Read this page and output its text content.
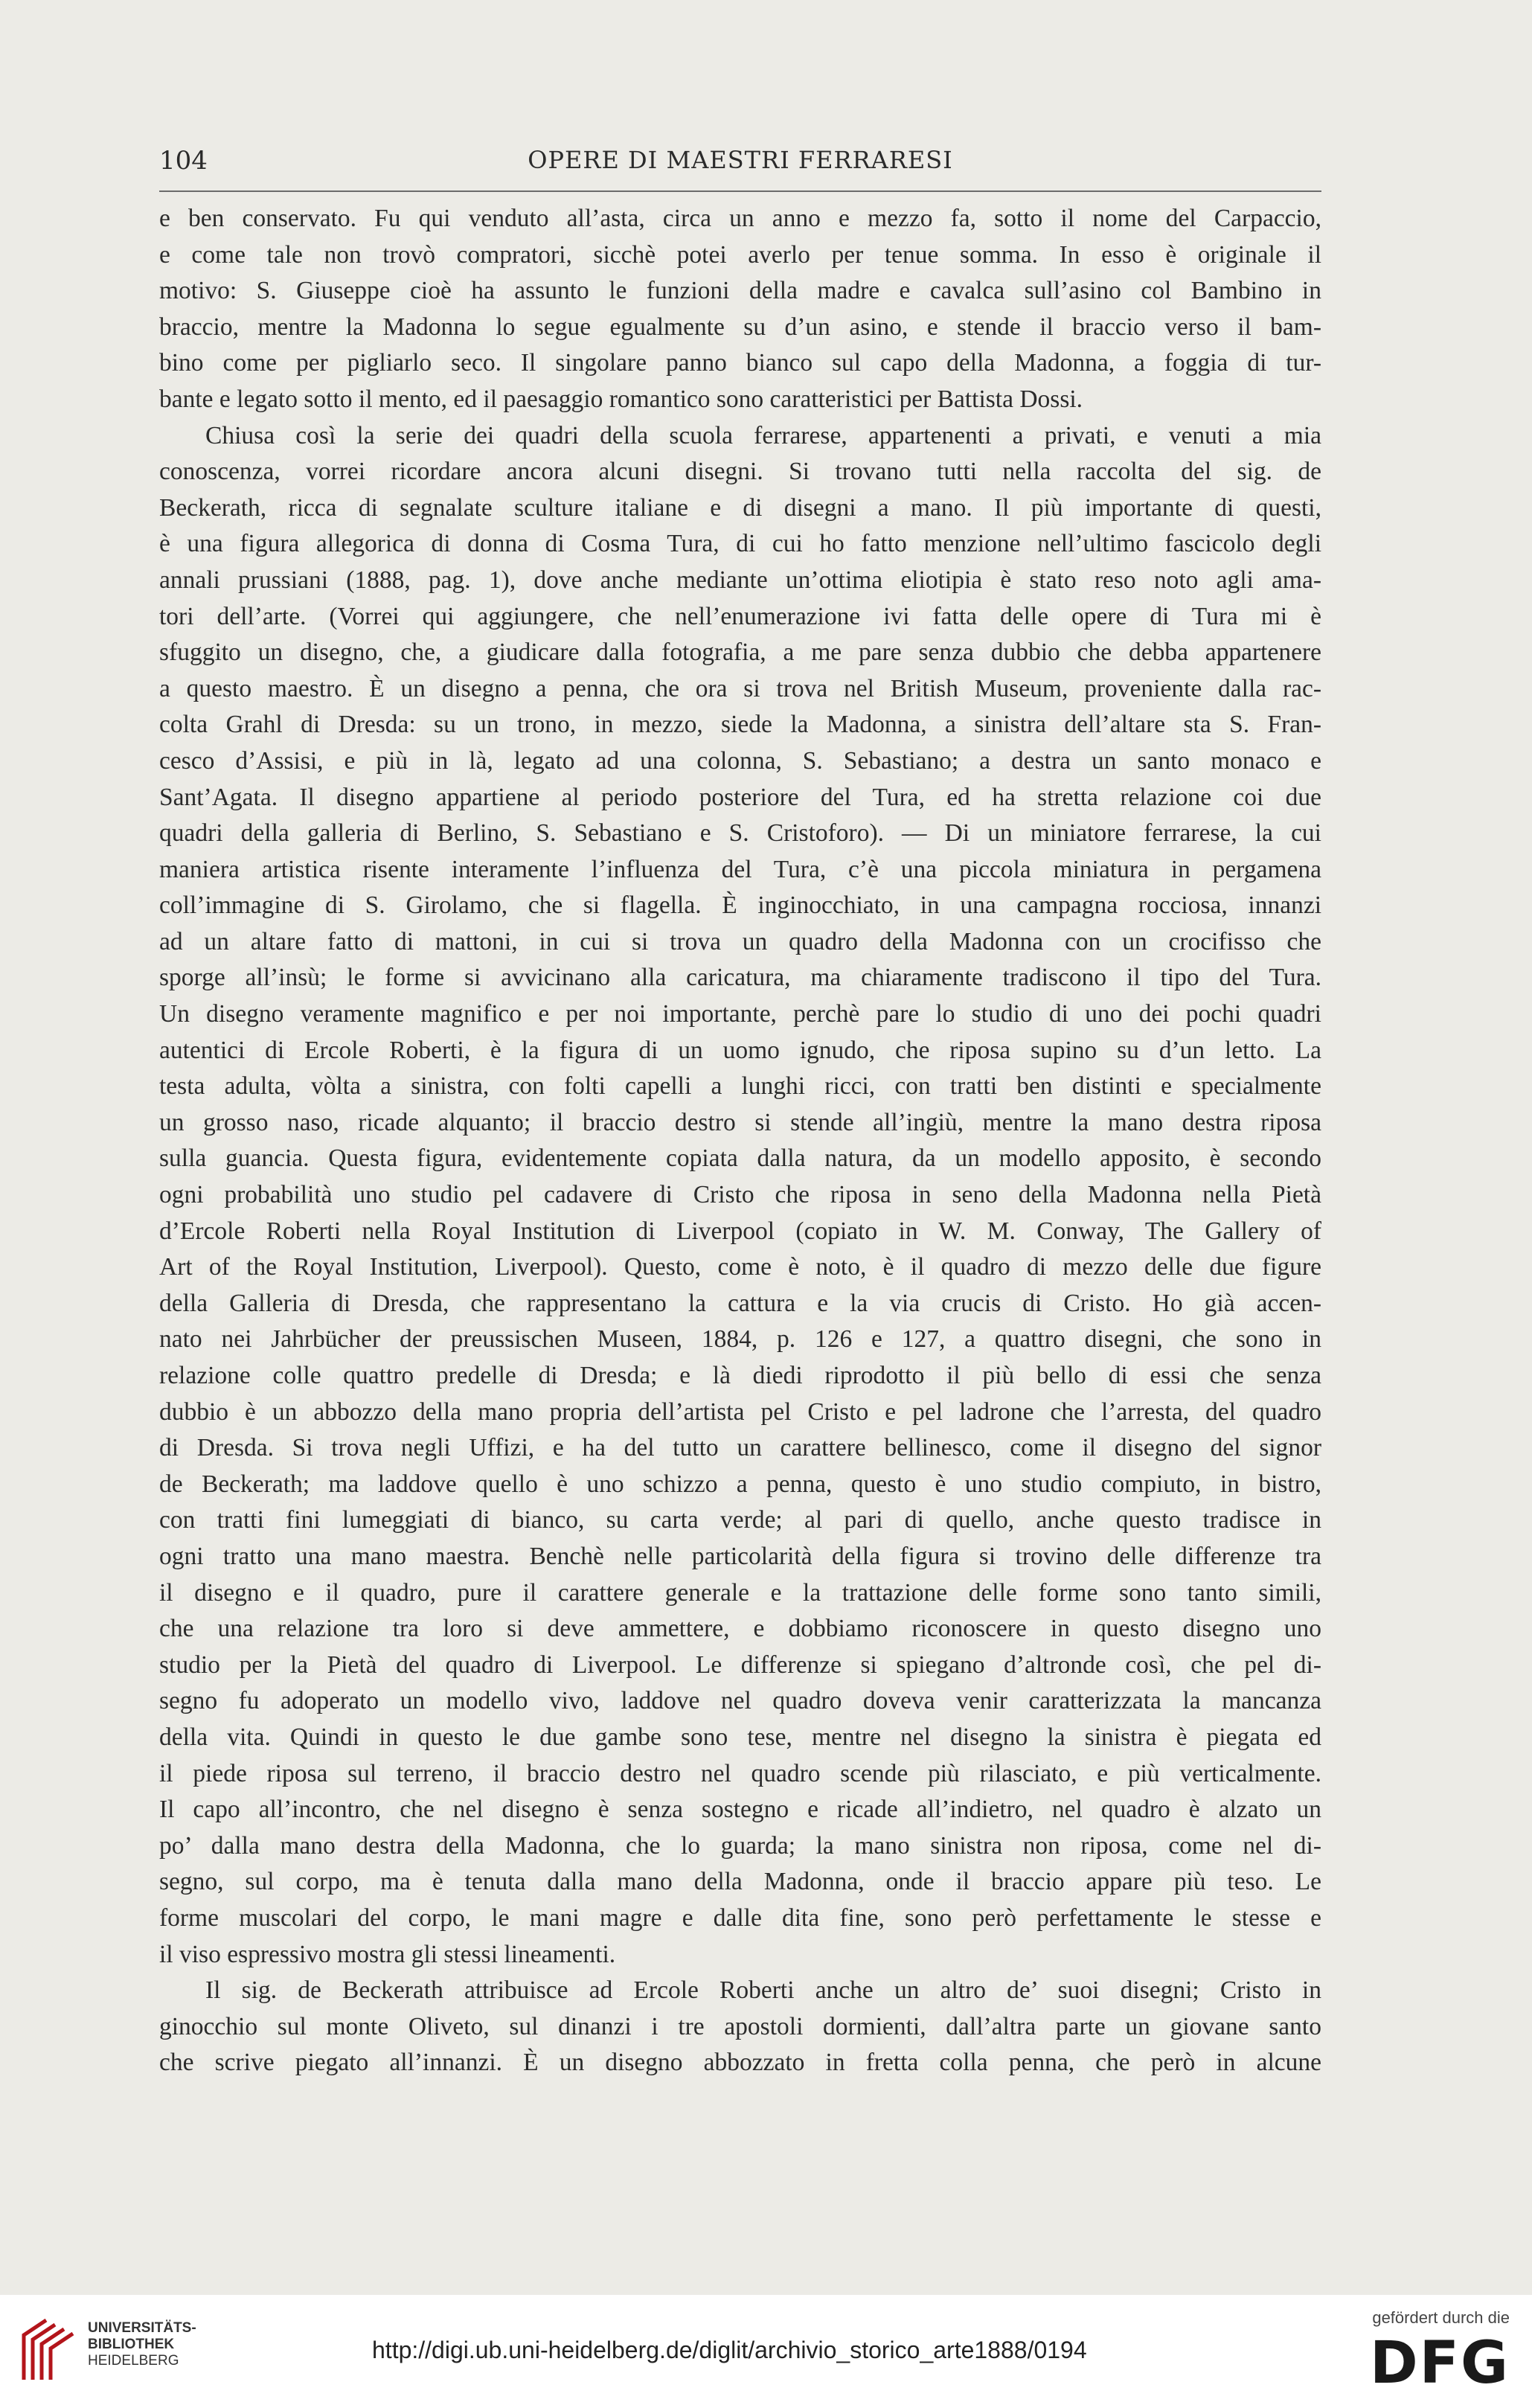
104	OPERE DI MAESTRI FERRARESI
e ben conservato. Fu qui venduto all’asta, circa un anno e mezzo fa, sotto il nome del Carpaccio,
e come tale non trovò compratori, sicchè potei averlo per tenue somma. In esso è originale il
motivo: S. Giuseppe cioè ha assunto le funzioni della madre e cavalca sull’asino col Bambino in
braccio, mentre la Madonna lo segue egualmente su d’un asino, e stende il braccio verso il bam-
bino come per pigliarlo seco. Il singolare panno bianco sul capo della Madonna, a foggia di tur-
bante e legato sotto il mento, ed il paesaggio romantico sono caratteristici per Battista Dossi.
Chiusa così la serie dei quadri della scuola ferrarese, appartenenti a privati, e venuti a mia
conoscenza, vorrei ricordare ancora alcuni disegni. Si trovano tutti nella raccolta del sig. de
Beckerath, ricca di segnalate sculture italiane e di disegni a mano. Il più importante di questi,
è una figura allegorica di donna di Cosma Tura, di cui ho fatto menzione nell’ultimo fascicolo degli
annali prussiani (1888, pag. 1), dove anche mediante un’ottima eliotipia è stato reso noto agli ama-
tori dell’arte. (Vorrei qui aggiungere, che nell’enumerazione ivi fatta delle opere di Tura mi è
sfuggito un disegno, che, a giudicare dalla fotografia, a me pare senza dubbio che debba appartenere
a questo maestro. È un disegno a penna, che ora si trova nel British Museum, proveniente dalla rac-
colta Grahl di Dresda: su un trono, in mezzo, siede la Madonna, a sinistra dell’altare sta S. Fran-
cesco d’Assisi, e più in là, legato ad una colonna, S. Sebastiano; a destra un santo monaco e
Sant’Agata. Il disegno appartiene al periodo posteriore del Tura, ed ha stretta relazione coi due
quadri della galleria di Berlino, S. Sebastiano e S. Cristoforo). — Di un miniatore ferrarese, la cui
maniera artistica risente interamente l’influenza del Tura, c’è una piccola miniatura in pergamena
coll’immagine di S. Girolamo, che si flagella. È inginocchiato, in una campagna rocciosa, innanzi
ad un altare fatto di mattoni, in cui si trova un quadro della Madonna con un crocifisso che
sporge all’insù; le forme si avvicinano alla caricatura, ma chiaramente tradiscono il tipo del Tura.
Un disegno veramente magnifico e per noi importante, perchè pare lo studio di uno dei pochi quadri
autentici di Ercole Roberti, è la figura di un uomo ignudo, che riposa supino su d’un letto. La
testa adulta, vòlta a sinistra, con folti capelli a lunghi ricci, con tratti ben distinti e specialmente
un grosso naso, ricade alquanto; il braccio destro si stende all’ingiù, mentre la mano destra riposa
sulla guancia. Questa figura, evidentemente copiata dalla natura, da un modello apposito, è secondo
ogni probabilità uno studio pel cadavere di Cristo che riposa in seno della Madonna nella Pietà
d’Ercole Roberti nella Royal Institution di Liverpool (copiato in W. M. Conway, The Gallery of
Art of the Royal Institution, Liverpool). Questo, come è noto, è il quadro di mezzo delle due figure
della Galleria di Dresda, che rappresentano la cattura e la via crucis di Cristo. Ho già accen-
nato nei Jahrbücher der preussischen Museen, 1884, p. 126 e 127, a quattro disegni, che sono in
relazione colle quattro predelle di Dresda; e là diedi riprodotto il più bello di essi che senza
dubbio è un abbozzo della mano propria dell’artista pel Cristo e pel ladrone che l’arresta, del quadro
di Dresda. Si trova negli Uffizi, e ha del tutto un carattere bellinesco, come il disegno del signor
de Beckerath; ma laddove quello è uno schizzo a penna, questo è uno studio compiuto, in bistro,
con tratti fini lumeggiati di bianco, su carta verde; al pari di quello, anche questo tradisce in
ogni tratto una mano maestra. Benchè nelle particolarità della figura si trovino delle differenze tra
il disegno e il quadro, pure il carattere generale e la trattazione delle forme sono tanto simili,
che una relazione tra loro si deve ammettere, e dobbiamo riconoscere in questo disegno uno
studio per la Pietà del quadro di Liverpool. Le differenze si spiegano d’altronde così, che pel di-
segno fu adoperato un modello vivo, laddove nel quadro doveva venir caratterizzata la mancanza
della vita. Quindi in questo le due gambe sono tese, mentre nel disegno la sinistra è piegata ed
il piede riposa sul terreno, il braccio destro nel quadro scende più rilasciato, e più verticalmente.
Il capo all’incontro, che nel disegno è senza sostegno e ricade all’indietro, nel quadro è alzato un
po’ dalla mano destra della Madonna, che lo guarda; la mano sinistra non riposa, come nel di-
segno, sul corpo, ma è tenuta dalla mano della Madonna, onde il braccio appare più teso. Le
forme muscolari del corpo, le mani magre e dalle dita fine, sono però perfettamente le stesse e
il viso espressivo mostra gli stessi lineamenti.
Il sig. de Beckerath attribuisce ad Ercole Roberti anche un altro de’ suoi disegni; Cristo in
ginocchio sul monte Oliveto, sul dinanzi i tre apostoli dormienti, dall’altra parte un giovane santo
che scrive piegato all’innanzi. È un disegno abbozzato in fretta colla penna, che però in alcune
UNIVERSITÄTS-
BIBLIOTHEK
HEIDELBERG	http://digi.ub.uni-heidelberg.de/diglit/archivio_storico_arte1888/0194
gefördert durch die
DFG
